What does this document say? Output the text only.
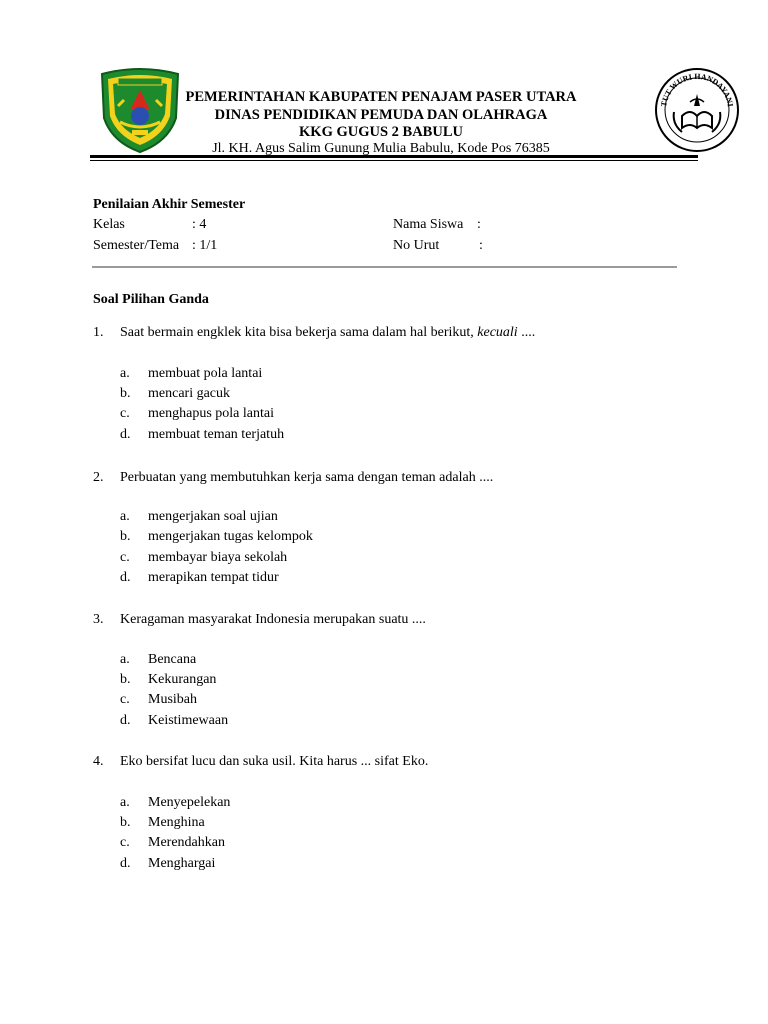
PEMERINTAHAN KABUPATEN PENAJAM PASER UTARA
DINAS PENDIDIKAN PEMUDA DAN OLAHRAGA
KKG GUGUS 2 BABULU
Jl. KH. Agus Salim Gunung Mulia Babulu, Kode Pos 76385
TUT WURI HANDAYANI
Penilaian Akhir Semester
Kelas	: 4	Nama Siswa :
Semester/Tema : 1/1	No Urut	:
Soal Pilihan Ganda
1. Saat bermain engklek kita bisa bekerja sama dalam hal berikut, kecuali ....
a. membuat pola lantai
b. mencari gacuk
c. menghapus pola lantai
d. membuat teman terjatuh
2. Perbuatan yang membutuhkan kerja sama dengan teman adalah ....
a. mengerjakan soal ujian
b. mengerjakan tugas kelompok
c. membayar biaya sekolah
d. merapikan tempat tidur
3. Keragaman masyarakat Indonesia merupakan suatu ....
a. Bencana
b. Kekurangan
c. Musibah
d. Keistimewaan
4. Eko bersifat lucu dan suka usil. Kita harus ... sifat Eko.
a. Menyepelekan
b. Menghina
c. Merendahkan
d. Menghargai
